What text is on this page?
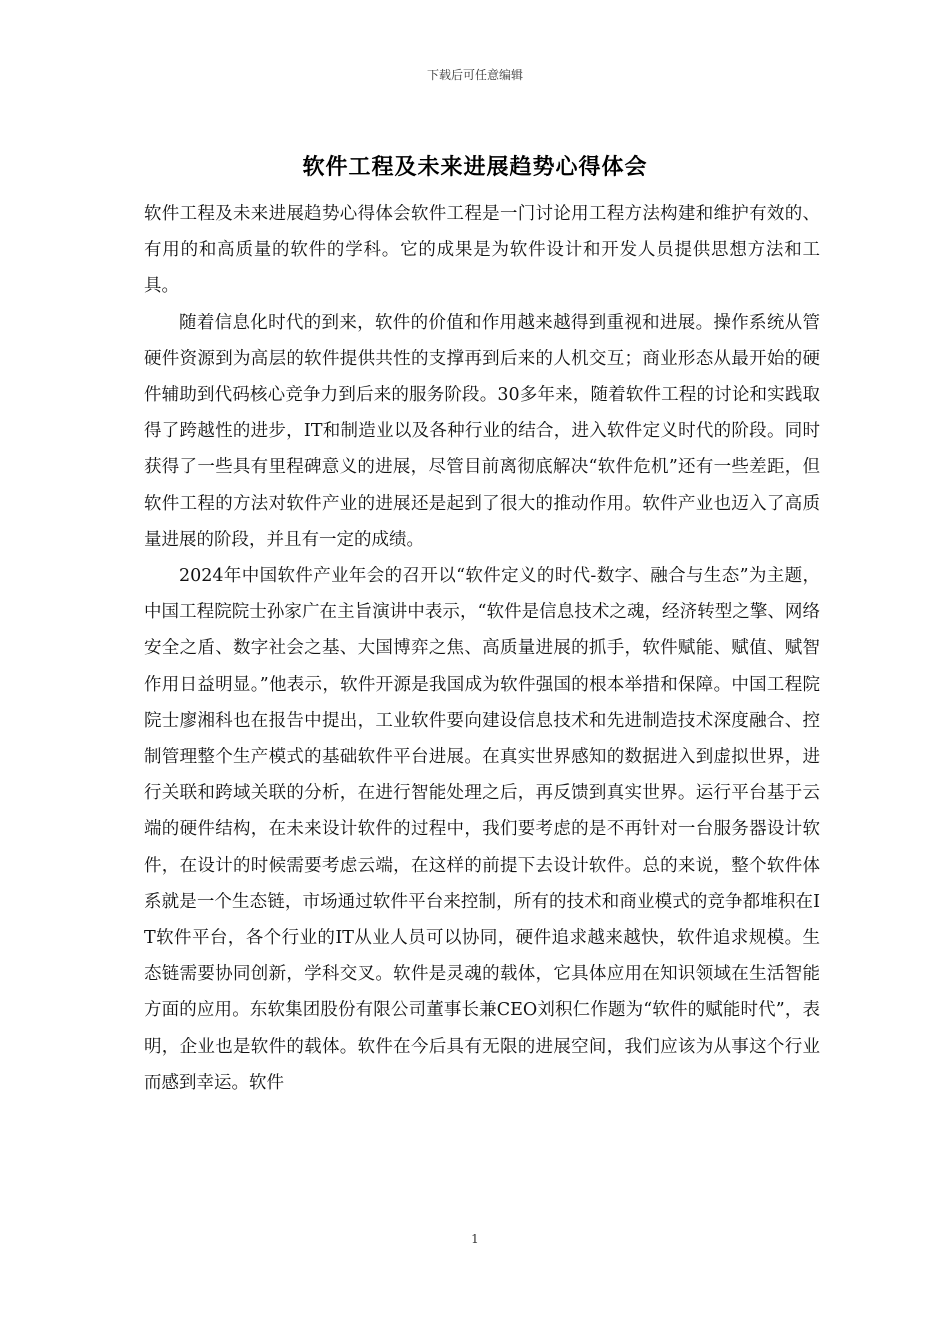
下载后可任意编辑
软件工程及未来进展趋势心得体会

软件工程及未来进展趋势心得体会软件工程是一门讨论用工程方法构建和维护有效的、有用的和高质量的软件的学科。它的成果是为软件设计和开发人员提供思想方法和工具。

随着信息化时代的到来，软件的价值和作用越来越得到重视和进展。操作系统从管硬件资源到为高层的软件提供共性的支撑再到后来的人机交互；商业形态从最开始的硬件辅助到代码核心竞争力到后来的服务阶段。30多年来，随着软件工程的讨论和实践取得了跨越性的进步，IT和制造业以及各种行业的结合，进入软件定义时代的阶段。同时获得了一些具有里程碑意义的进展，尽管目前离彻底解决“软件危机”还有一些差距，但软件工程的方法对软件产业的进展还是起到了很大的推动作用。软件产业也迈入了高质量进展的阶段，并且有一定的成绩。

2024年中国软件产业年会的召开以“软件定义的时代-数字、融合与生态”为主题，中国工程院院士孙家广在主旨演讲中表示，“软件是信息技术之魂，经济转型之擎、网络安全之盾、数字社会之基、大国博弈之焦、高质量进展的抓手，软件赋能、赋值、赋智作用日益明显。”他表示，软件开源是我国成为软件强国的根本举措和保障。中国工程院院士廖湘科也在报告中提出，工业软件要向建设信息技术和先进制造技术深度融合、控制管理整个生产模式的基础软件平台进展。在真实世界感知的数据进入到虚拟世界，进行关联和跨域关联的分析，在进行智能处理之后，再反馈到真实世界。运行平台基于云端的硬件结构，在未来设计软件的过程中，我们要考虑的是不再针对一台服务器设计软件，在设计的时候需要考虑云端，在这样的前提下去设计软件。总的来说，整个软件体系就是一个生态链，市场通过软件平台来控制，所有的技术和商业模式的竞争都堆积在IT软件平台，各个行业的IT从业人员可以协同，硬件追求越来越快，软件追求规模。生态链需要协同创新，学科交叉。软件是灵魂的载体，它具体应用在知识领域在生活智能方面的应用。东软集团股份有限公司董事长兼CEO刘积仁作题为“软件的赋能时代”，表明，企业也是软件的载体。软件在今后具有无限的进展空间，我们应该为从事这个行业而感到幸运。软件

1
